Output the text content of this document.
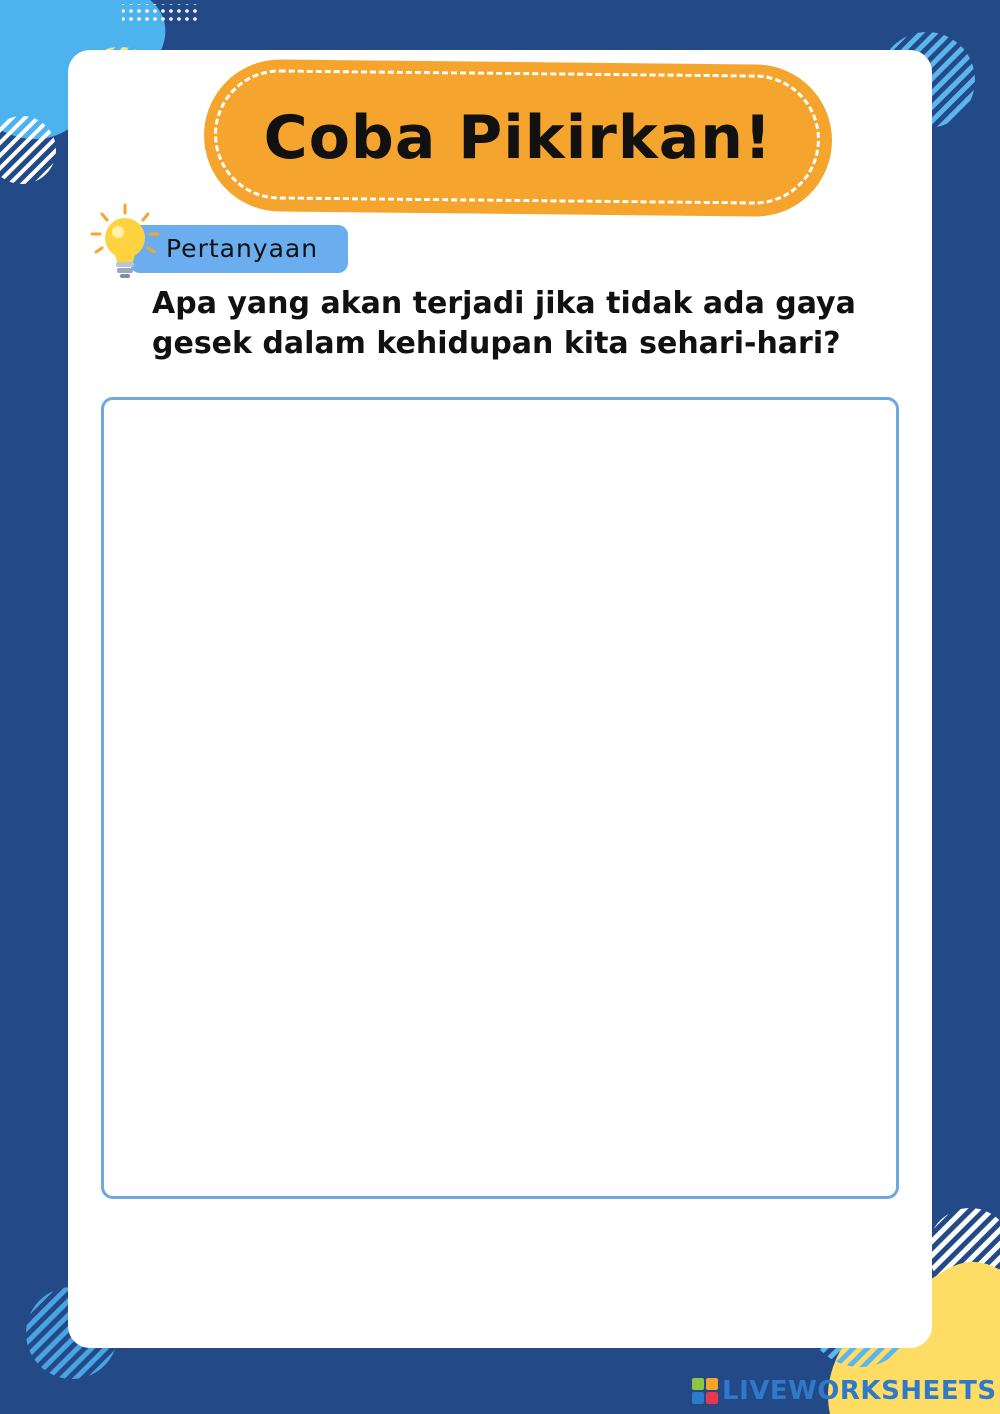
Coba Pikirkan!
Pertanyaan
Apa yang akan terjadi jika tidak ada gaya gesek dalam kehidupan kita sehari-hari?
LIVEWORKSHEETS
